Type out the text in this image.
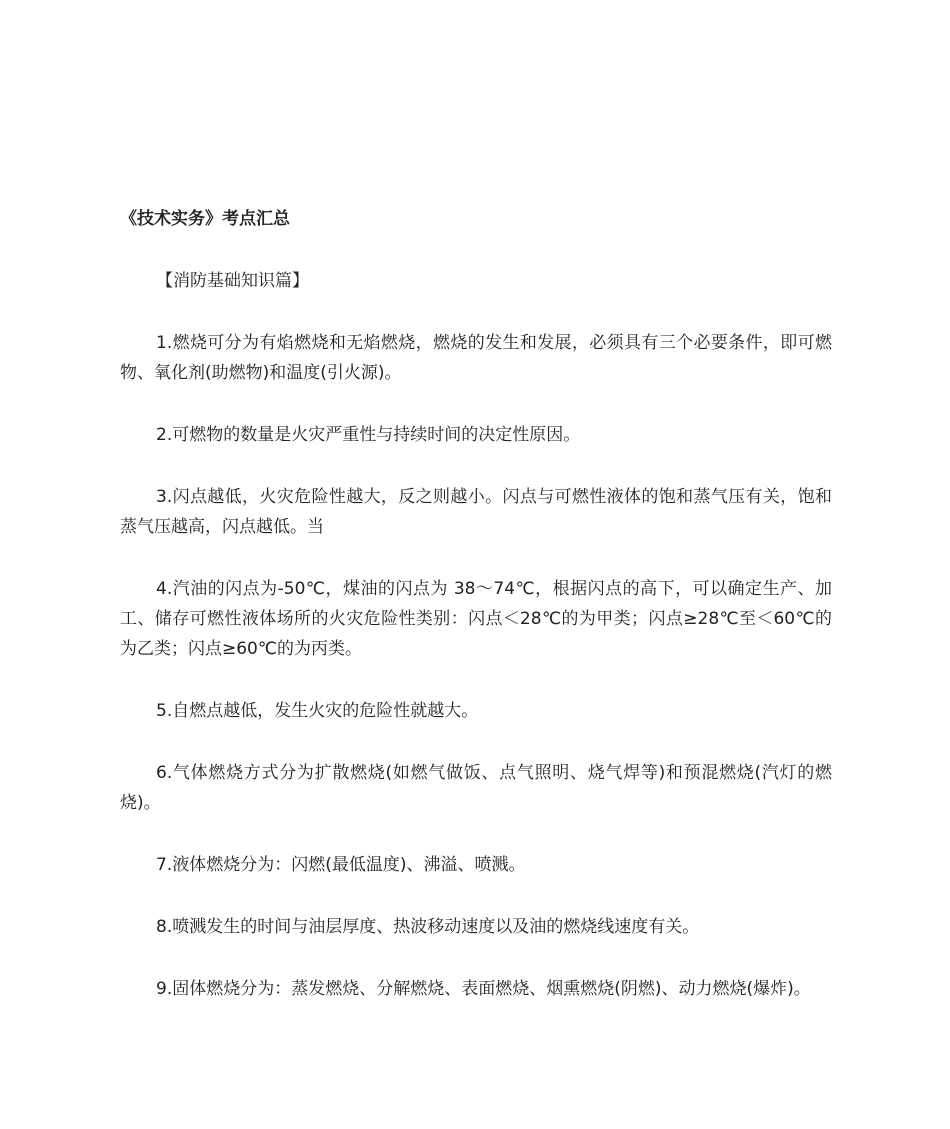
《技术实务》考点汇总

【消防基础知识篇】

1.燃烧可分为有焰燃烧和无焰燃烧，燃烧的发生和发展，必须具有三个必要条件，即可燃物、氧化剂(助燃物)和温度(引火源)。

2.可燃物的数量是火灾严重性与持续时间的决定性原因。

3.闪点越低，火灾危险性越大，反之则越小。闪点与可燃性液体的饱和蒸气压有关，饱和蒸气压越高，闪点越低。当

4.汽油的闪点为-50℃，煤油的闪点为 38～74℃，根据闪点的高下，可以确定生产、加工、储存可燃性液体场所的火灾危险性类别：闪点＜28℃的为甲类；闪点≥28℃至＜60℃的为乙类；闪点≥60℃的为丙类。

5.自燃点越低，发生火灾的危险性就越大。

6.气体燃烧方式分为扩散燃烧(如燃气做饭、点气照明、烧气焊等)和预混燃烧(汽灯的燃烧)。

7.液体燃烧分为：闪燃(最低温度)、沸溢、喷溅。

8.喷溅发生的时间与油层厚度、热波移动速度以及油的燃烧线速度有关。

9.固体燃烧分为：蒸发燃烧、分解燃烧、表面燃烧、烟熏燃烧(阴燃)、动力燃烧(爆炸)。
